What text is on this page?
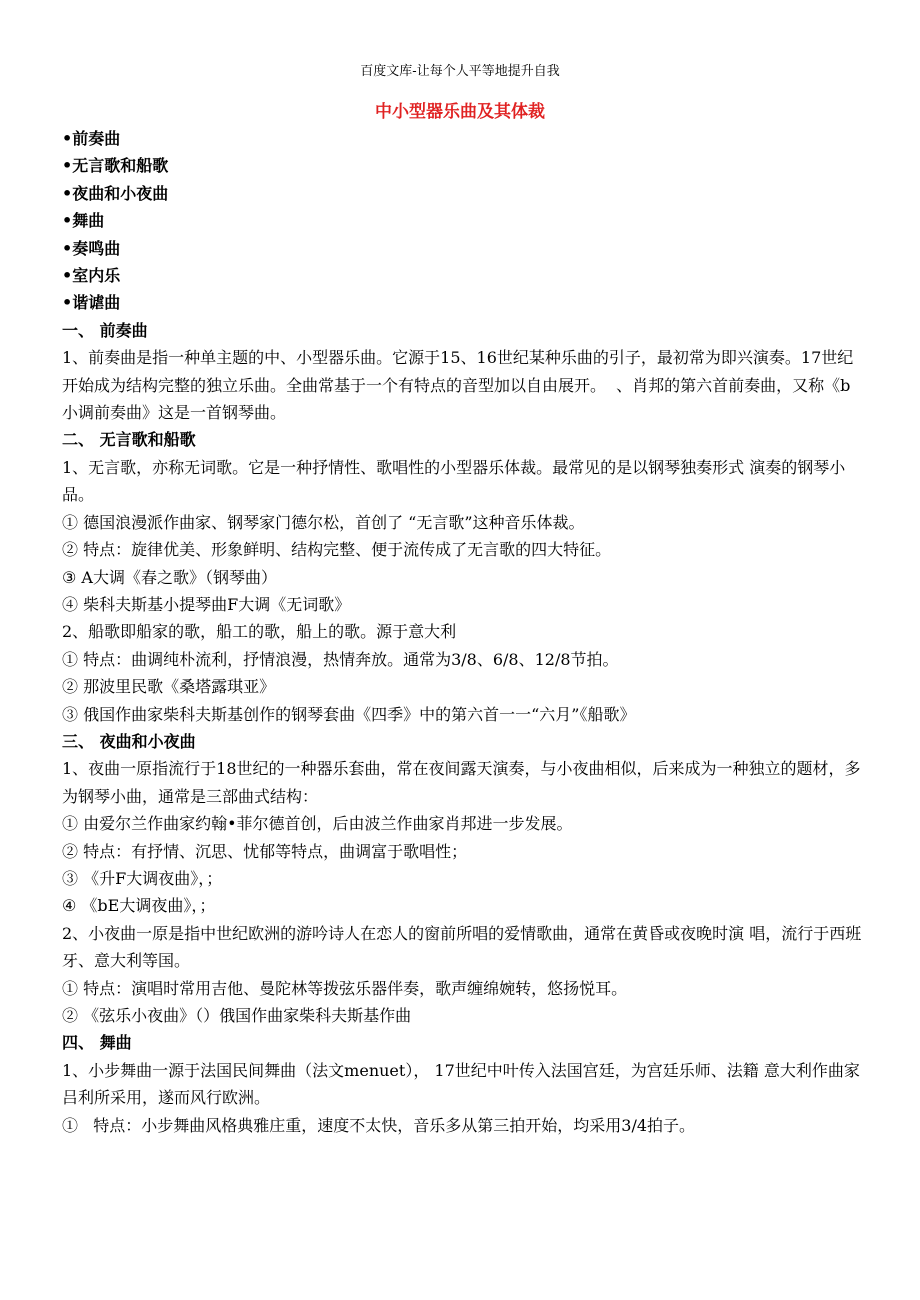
百度文库-让每个人平等地提升自我
中小型器乐曲及其体裁

•前奏曲

•无言歌和船歌

•夜曲和小夜曲

•舞曲

•奏鸣曲

•室内乐

•谐谑曲

一、 前奏曲

1、前奏曲是指一种单主题的中、小型器乐曲。它源于15、16世纪某种乐曲的引子，最初常为即兴演奏。17世纪开始成为结构完整的独立乐曲。全曲常基于一个有特点的音型加以自由展开。  、肖邦的第六首前奏曲，又称《b小调前奏曲》这是一首钢琴曲。

二、 无言歌和船歌

1、无言歌，亦称无词歌。它是一种抒情性、歌唱性的小型器乐体裁。最常见的是以钢琴独奏形式 演奏的钢琴小品。

① 德国浪漫派作曲家、钢琴家门德尔松，首创了 “无言歌”这种音乐体裁。

② 特点：旋律优美、形象鲜明、结构完整、便于流传成了无言歌的四大特征。

③ A大调《春之歌》（钢琴曲）

④ 柴科夫斯基小提琴曲F大调《无词歌》

2、船歌即船家的歌，船工的歌，船上的歌。源于意大利

① 特点：曲调纯朴流利，抒情浪漫，热情奔放。通常为3/8、6/8、12/8节拍。

② 那波里民歌《桑塔露琪亚》

③ 俄国作曲家柴科夫斯基创作的钢琴套曲《四季》中的第六首一一“六月”《船歌》

三、 夜曲和小夜曲

1、夜曲一原指流行于18世纪的一种器乐套曲，常在夜间露天演奏，与小夜曲相似，后来成为一种独立的题材，多为钢琴小曲，通常是三部曲式结构：

① 由爱尔兰作曲家约翰•菲尔德首创，后由波兰作曲家肖邦进一步发展。

② 特点：有抒情、沉思、忧郁等特点，曲调富于歌唱性；

③ 《升F大调夜曲》，；

④ 《bE大调夜曲》，；

2、小夜曲一原是指中世纪欧洲的游吟诗人在恋人的窗前所唱的爱情歌曲，通常在黄昏或夜晚时演 唱，流行于西班牙、意大利等国。

① 特点：演唱时常用吉他、曼陀林等拨弦乐器伴奏，歌声缠绵婉转，悠扬悦耳。

② 《弦乐小夜曲》（）俄国作曲家柴科夫斯基作曲

四、 舞曲

1、小步舞曲一源于法国民间舞曲（法文menuet）， 17世纪中叶传入法国宫廷，为宫廷乐师、法籍 意大利作曲家吕利所采用，遂而风行欧洲。

①   特点：小步舞曲风格典雅庄重，速度不太快，音乐多从第三拍开始，均采用3/4拍子。
